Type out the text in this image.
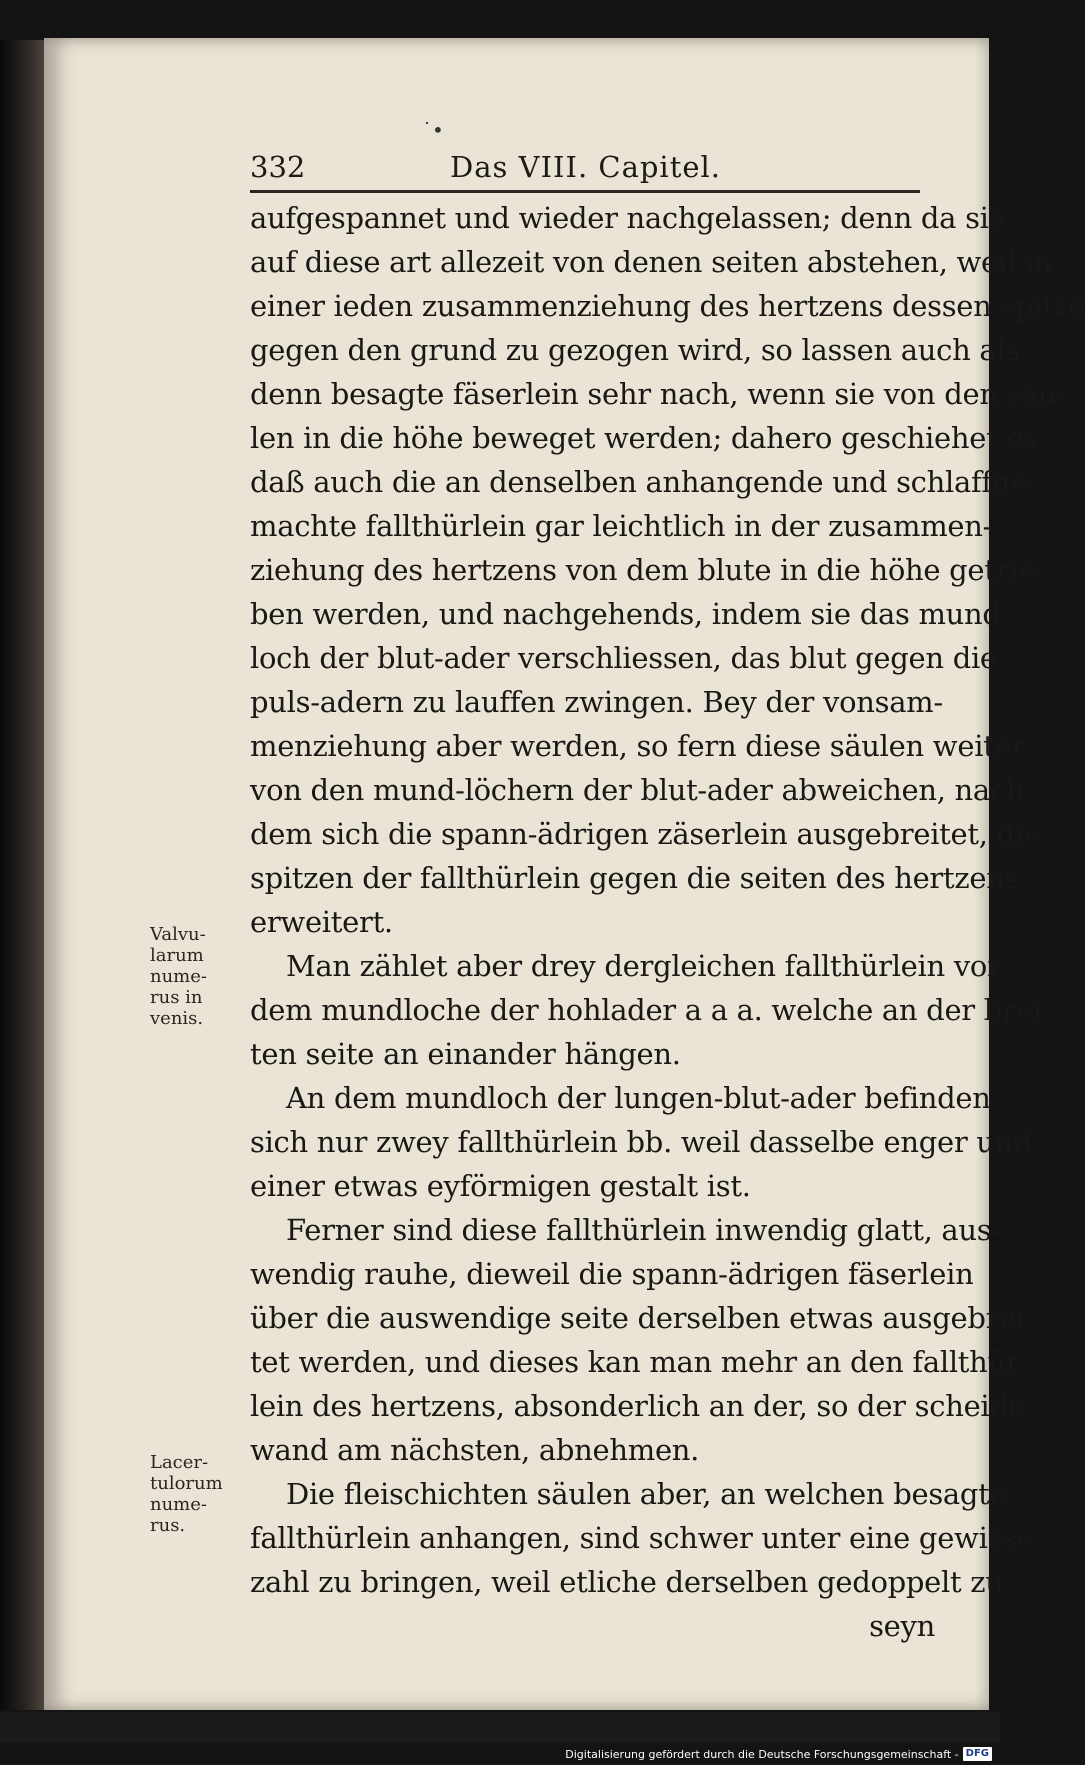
˙•
332	Das VIII. Capitel.
aufgespannet und wieder nachgelassen; denn da sie
auf diese art allezeit von denen seiten abstehen, weil in
einer ieden zusammenziehung des hertzens dessen spitze
gegen den grund zu gezogen wird, so lassen auch als-
denn besagte fäserlein sehr nach, wenn sie von den säu-
len in die höhe beweget werden; dahero geschiehet es,
daß auch die an denselben anhangende und schlaffge-
machte fallthürlein gar leichtlich in der zusammen-
ziehung des hertzens von dem blute in die höhe getrie-
ben werden, und nachgehends, indem sie das mund-
loch der blut-ader verschliessen, das blut gegen die
puls-adern zu lauffen zwingen. Bey der vonsam-
menziehung aber werden, so fern diese säulen weiter
von den mund-löchern der blut-ader abweichen, nach-
dem sich die spann-ädrigen zäserlein ausgebreitet, die
spitzen der fallthürlein gegen die seiten des hertzens
erweitert.
Man zählet aber drey dergleichen fallthürlein vor
dem mundloche der hohlader a a a. welche an der brei-
ten seite an einander hängen.
An dem mundloch der lungen-blut-ader befinden
sich nur zwey fallthürlein bb. weil dasselbe enger und
einer etwas eyförmigen gestalt ist.
Ferner sind diese fallthürlein inwendig glatt, aus-
wendig rauhe, dieweil die spann-ädrigen fäserlein
über die auswendige seite derselben etwas ausgebrei-
tet werden, und dieses kan man mehr an den fallthür-
lein des hertzens, absonderlich an der, so der scheide-
wand am nächsten, abnehmen.
Die fleischichten säulen aber, an welchen besagte
fallthürlein anhangen, sind schwer unter eine gewisse
zahl zu bringen, weil etliche derselben gedoppelt zu
seyn
Valvu-
larum
nume-
rus in
venis.
Lacer-
tulorum
nume-
rus.
Digitalisierung gefördert durch die Deutsche Forschungsgemeinschaft - DFG
